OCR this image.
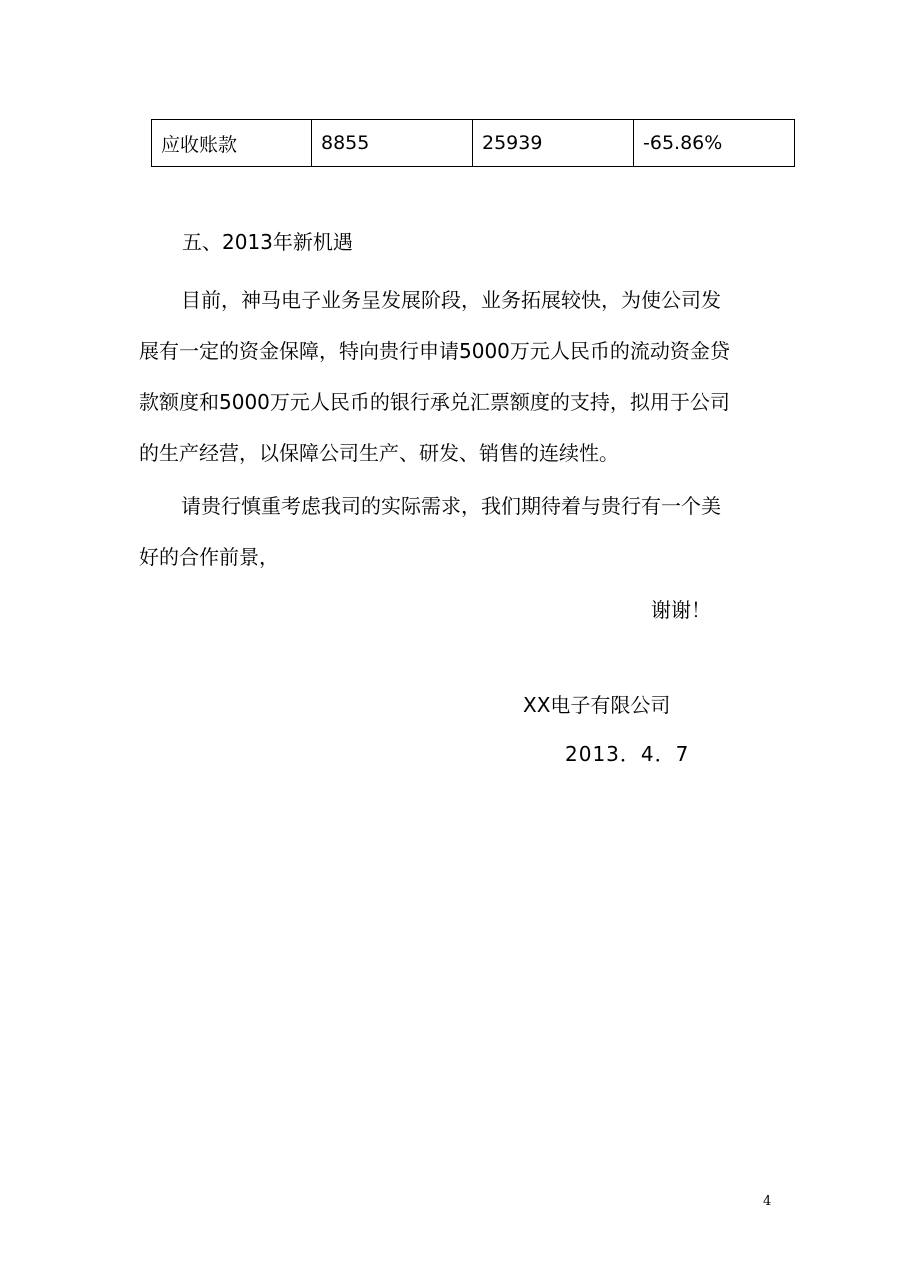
应收账款	8855	25939	-65.86%
五、2013年新机遇

目前，神马电子业务呈发展阶段，业务拓展较快，为使公司发
展有一定的资金保障，特向贵行申请5000万元人民币的流动资金贷
款额度和5000万元人民币的银行承兑汇票额度的支持，拟用于公司
的生产经营，以保障公司生产、研发、销售的连续性。

请贵行慎重考虑我司的实际需求，我们期待着与贵行有一个美
好的合作前景，

谢谢！
XX电子有限公司
2013．4．7
4
